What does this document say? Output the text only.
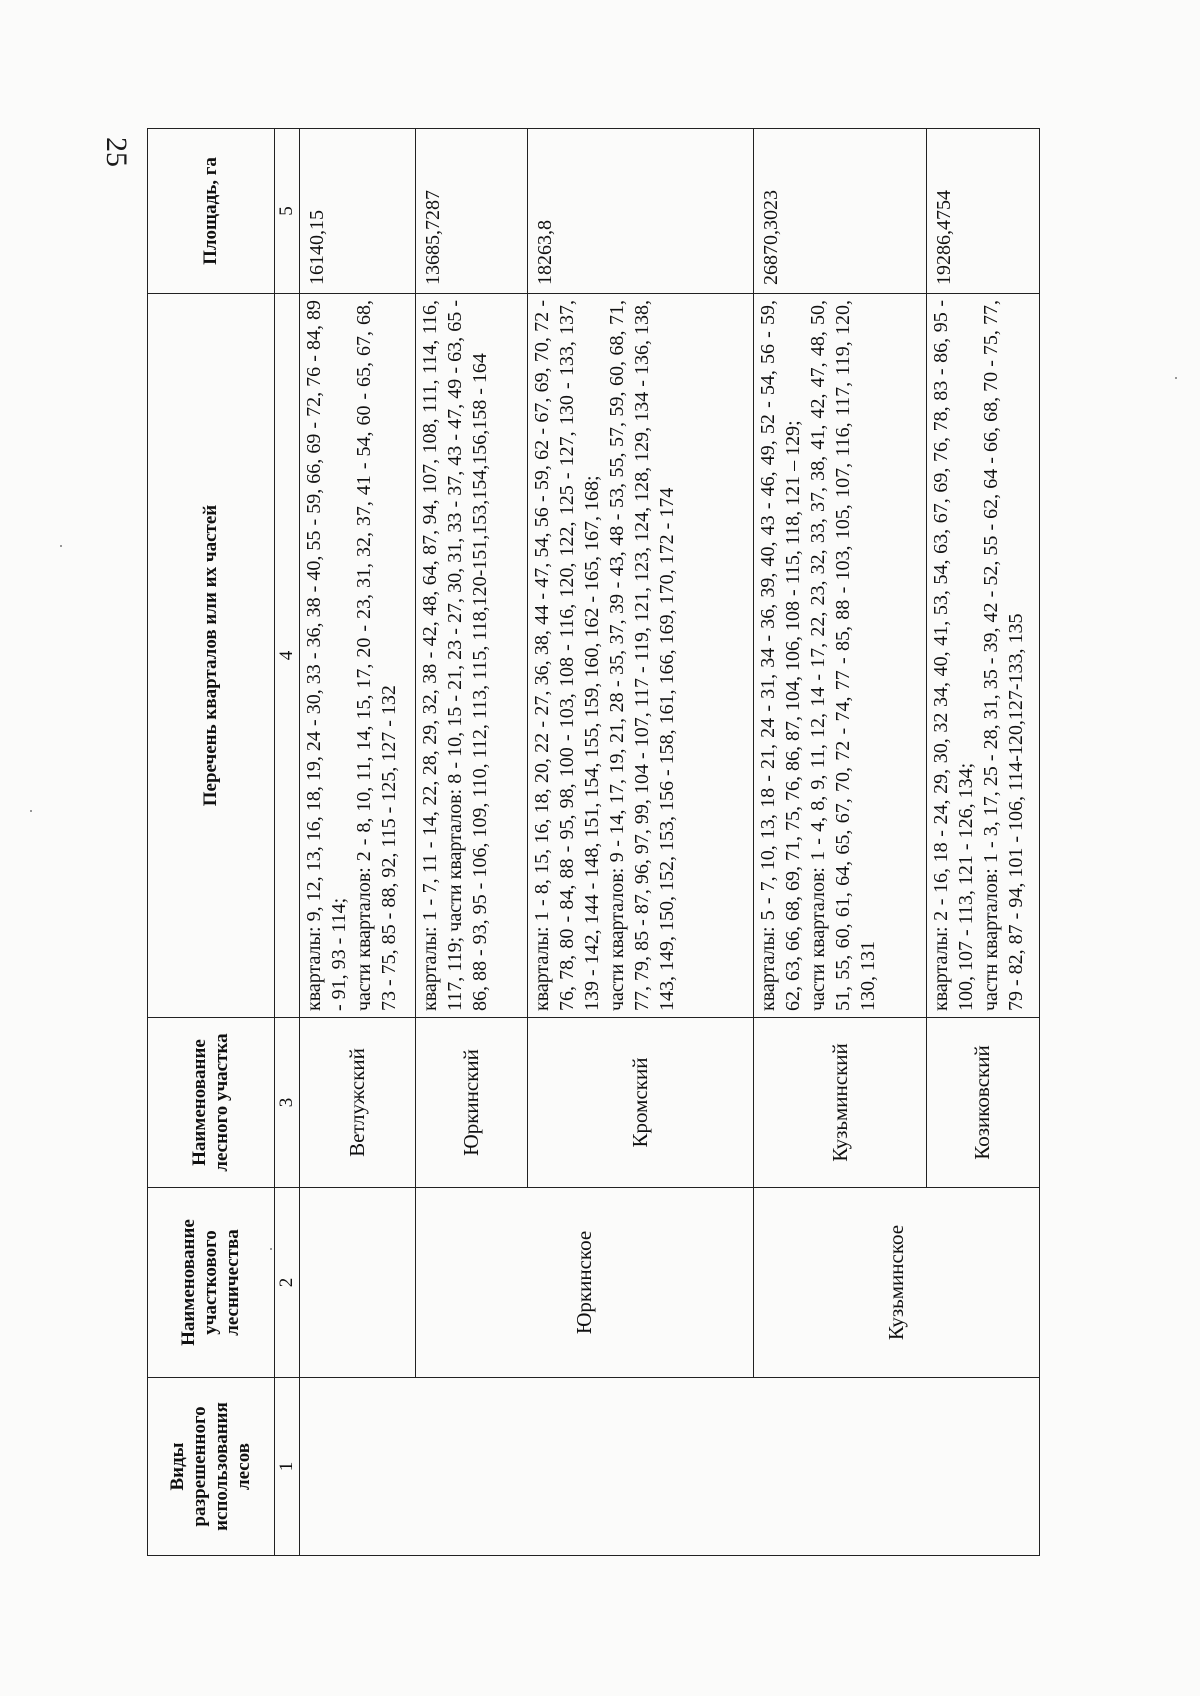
25
Виды разрешенного использования лесов	Наименование участкового лесничества	Наименование лесного участка	Перечень кварталов или их частей	Площадь, га
1	2	3	4	5
		Ветлужский	кварталы: 9, 12, 13, 16, 18, 19, 24 - 30, 33 - 36, 38 - 40, 55 - 59, 66, 69 - 72, 76 - 84, 89 - 91, 93 - 114; части кварталов: 2 - 8, 10, 11, 14, 15, 17, 20 - 23, 31, 32, 37, 41 - 54, 60 - 65, 67, 68, 73 - 75, 85 - 88, 92, 115 - 125, 127 - 132	16140,15
	Юркинское	Юркинский	кварталы: 1 - 7, 11 - 14, 22, 28, 29, 32, 38 - 42, 48, 64, 87, 94, 107, 108, 111, 114, 116, 117, 119; части кварталов: 8 - 10, 15 - 21, 23 - 27, 30, 31, 33 - 37, 43 - 47, 49 - 63, 65 - 86, 88 - 93, 95 - 106, 109, 110, 112, 113, 115, 118,120-151,153,154,156,158 - 164	13685,7287
		Кромский	кварталы: 1 - 8, 15, 16, 18, 20, 22 - 27, 36, 38, 44 - 47, 54, 56 - 59, 62 - 67, 69, 70, 72 - 76, 78, 80 - 84, 88 - 95, 98, 100 - 103, 108 - 116, 120, 122, 125 - 127, 130 - 133, 137, 139 - 142, 144 - 148, 151, 154, 155, 159, 160, 162 - 165, 167, 168; части кварталов: 9 - 14, 17, 19, 21, 28 - 35, 37, 39 - 43, 48 - 53, 55, 57, 59, 60, 68, 71, 77, 79, 85 - 87, 96, 97, 99, 104 - 107, 117 - 119, 121, 123, 124, 128, 129, 134 - 136, 138, 143, 149, 150, 152, 153, 156 - 158, 161, 166, 169, 170, 172 - 174	18263,8
	Кузьминское	Кузьминский	кварталы: 5 - 7, 10, 13, 18 - 21, 24 - 31, 34 - 36, 39, 40, 43 - 46, 49, 52 - 54, 56 - 59, 62, 63, 66, 68, 69, 71, 75, 76, 86, 87, 104, 106, 108 - 115, 118, 121 – 129; части кварталов: 1 - 4, 8, 9, 11, 12, 14 - 17, 22, 23, 32, 33, 37, 38, 41, 42, 47, 48, 50, 51, 55, 60, 61, 64, 65, 67, 70, 72 - 74, 77 - 85, 88 - 103, 105, 107, 116, 117, 119, 120, 130, 131	26870,3023
		Козиковский	кварталы: 2 - 16, 18 - 24, 29, 30, 32 34, 40, 41, 53, 54, 63, 67, 69, 76, 78, 83 - 86, 95 - 100, 107 - 113, 121 - 126, 134; частн кварталов: 1 - 3, 17, 25 - 28, 31, 35 - 39, 42 - 52, 55 - 62, 64 - 66, 68, 70 - 75, 77, 79 - 82, 87 - 94, 101 - 106, 114-120,127-133, 135	19286,4754
